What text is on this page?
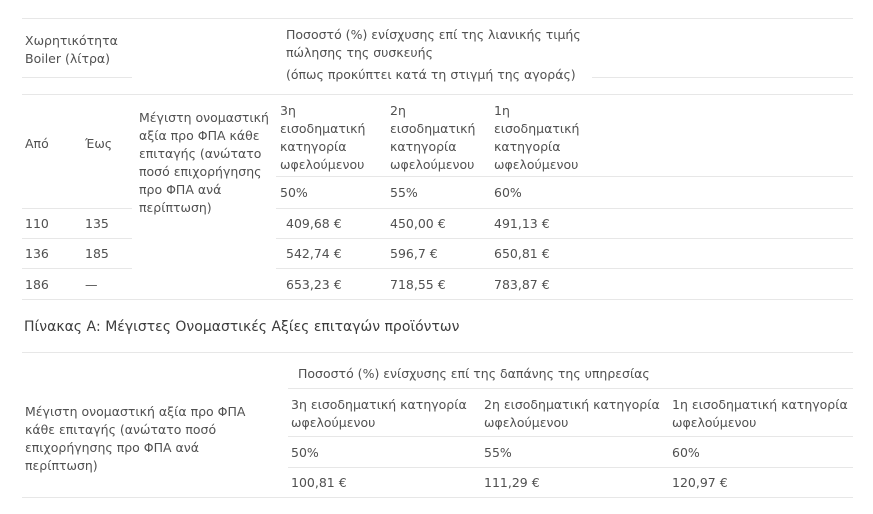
Χωρητικότητα Boiler (λίτρα)
Ποσοστό (%) ενίσχυσης επί της λιανικής τιμής πώλησης της συσκευής
(όπως προκύπτει κατά τη στιγμή της αγοράς)
Από	Έως
Μέγιστη ονομαστική αξία προ ΦΠΑ κάθε επιταγής (ανώτατο ποσό επιχορήγησης προ ΦΠΑ ανά περίπτωση)
3η εισοδηματική κατηγορία ωφελούμενου
2η εισοδηματική κατηγορία ωφελούμενου
1η εισοδηματική κατηγορία ωφελούμενου
50%	55%	60%
110	135	409,68 €	450,00 €	491,13 €
136	185	542,74 €	596,7 €	650,81 €
186	—	653,23 €	718,55 €	783,87 €
Πίνακας Α: Μέγιστες Ονομαστικές Αξίες επιταγών προϊόντων
Ποσοστό (%) ενίσχυσης επί της δαπάνης της υπηρεσίας
Μέγιστη ονομαστική αξία προ ΦΠΑ κάθε επιταγής (ανώτατο ποσό επιχορήγησης προ ΦΠΑ ανά περίπτωση)
3η εισοδηματική κατηγορία ωφελούμενου
2η εισοδηματική κατηγορία ωφελούμενου
1η εισοδηματική κατηγορία ωφελούμενου
50%	55%	60%
100,81 €	111,29 €	120,97 €
